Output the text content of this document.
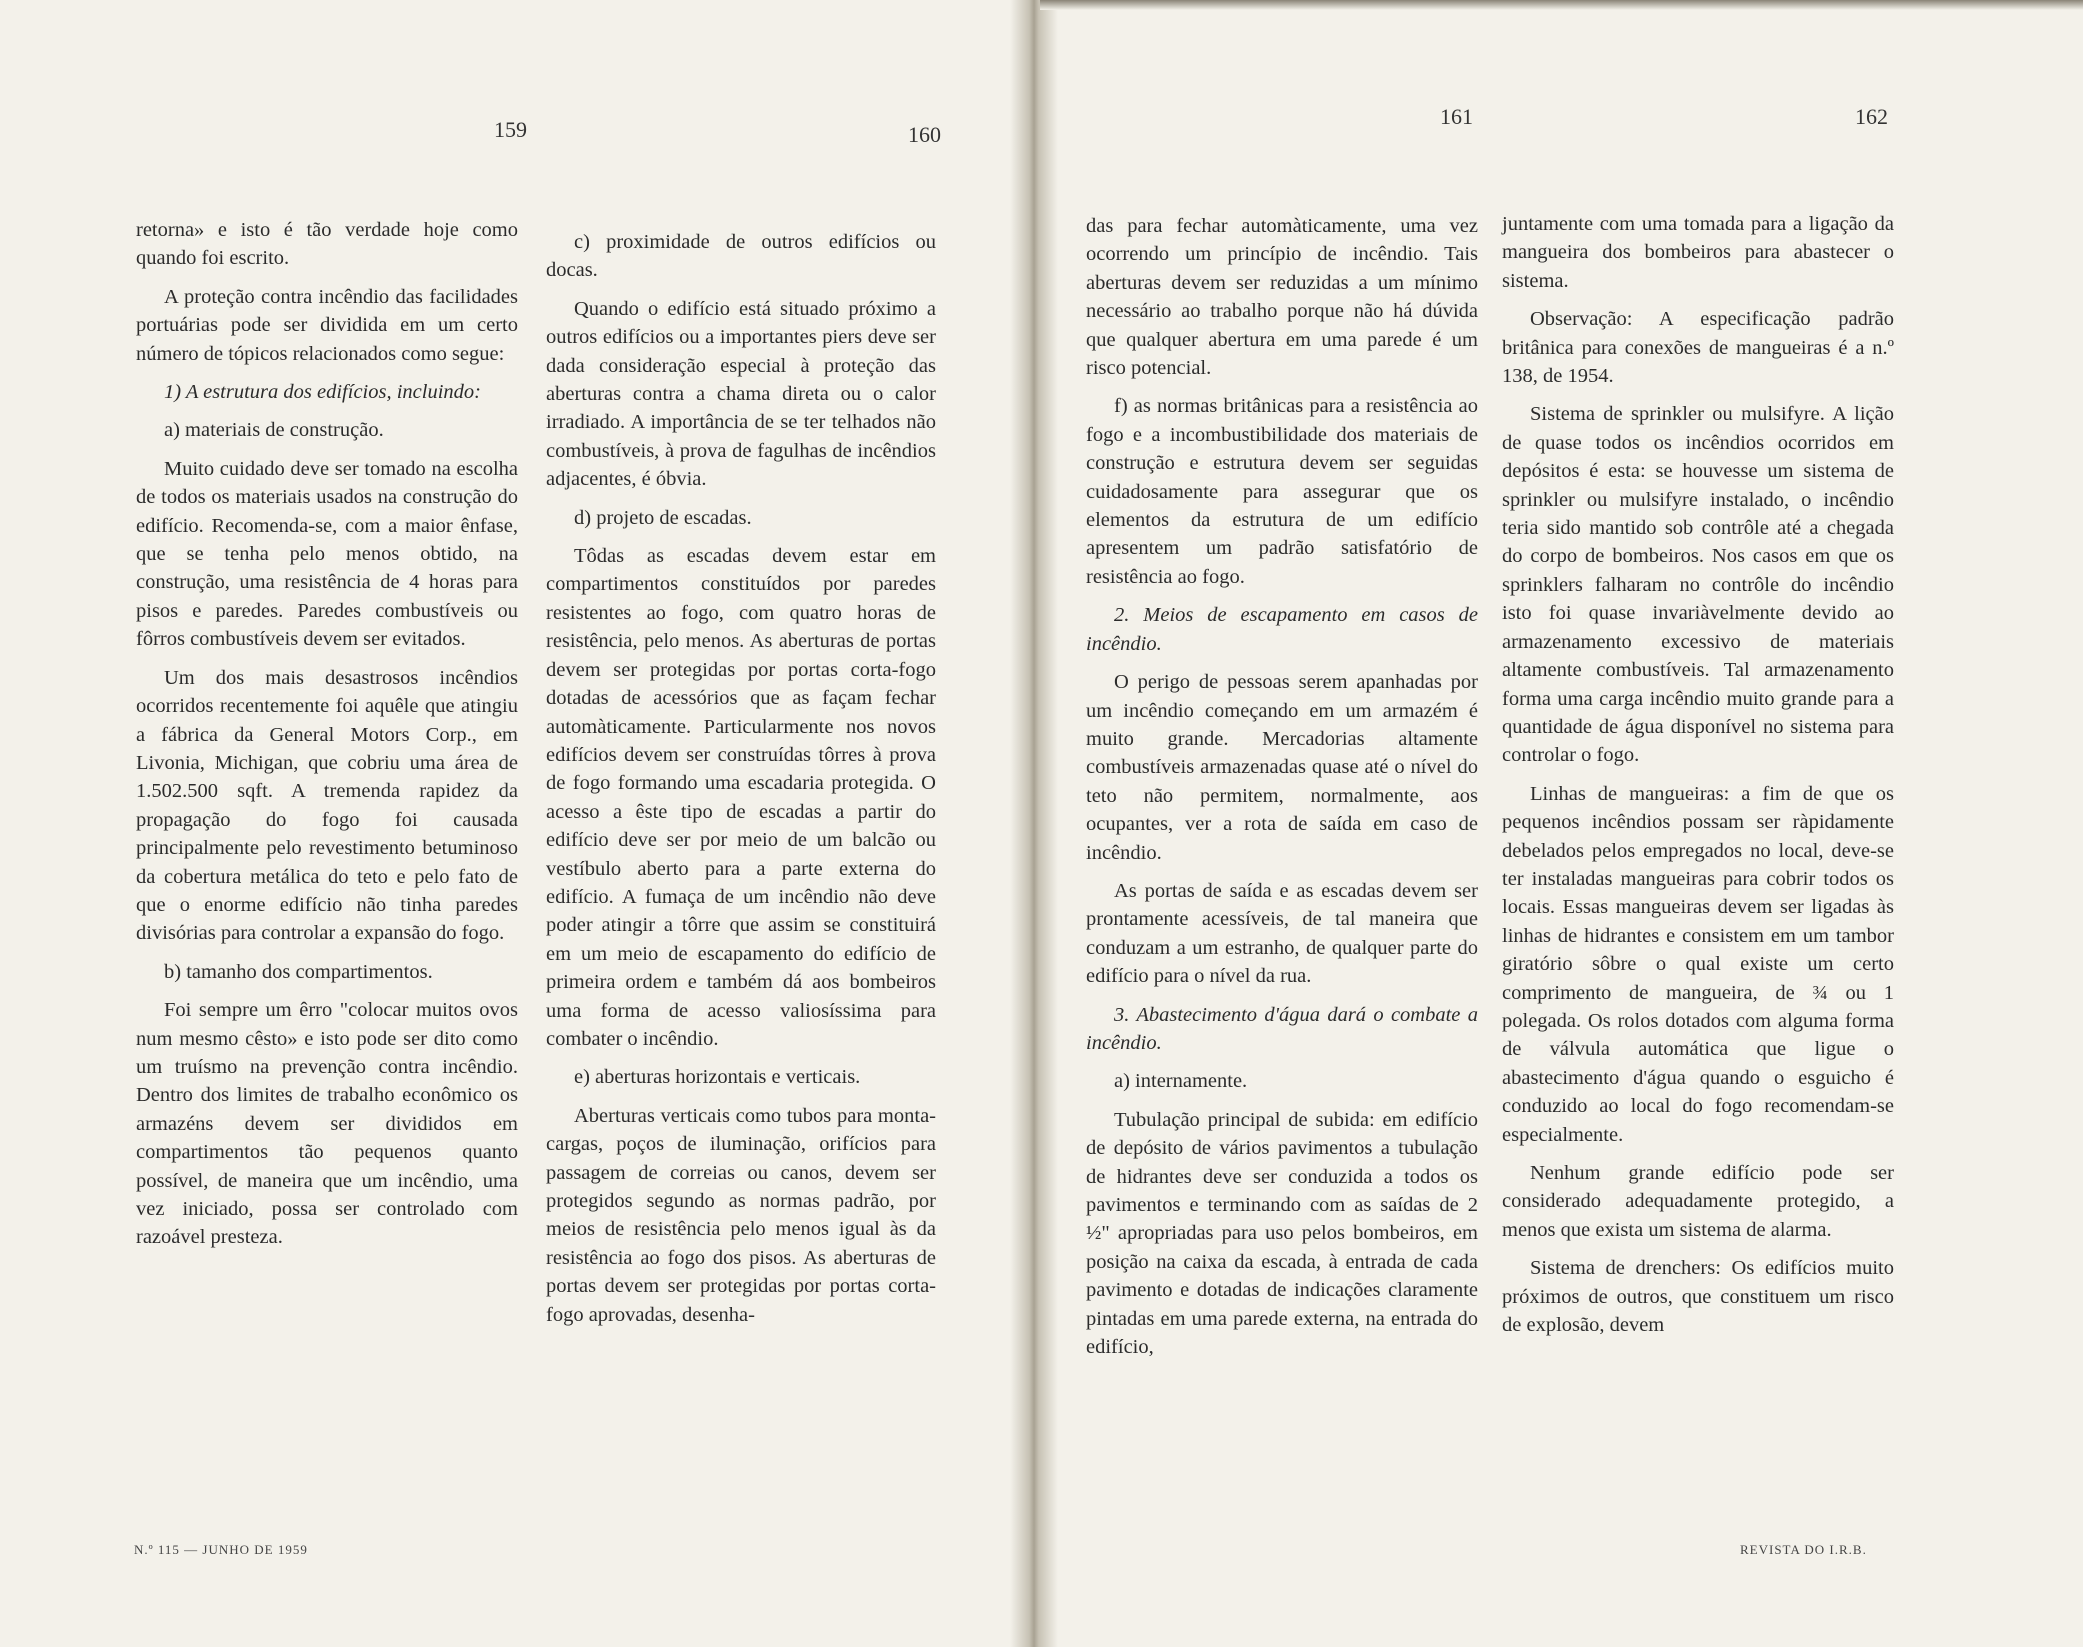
159	160

retorna» e isto é tão verdade hoje como quando foi escrito.

A proteção contra incêndio das facilidades portuárias pode ser dividida em um certo número de tópicos relacionados como segue:

1) A estrutura dos edifícios, incluindo:

a) materiais de construção.

Muito cuidado deve ser tomado na escolha de todos os materiais usados na construção do edifício. Recomenda-se, com a maior ênfase, que se tenha pelo menos obtido, na construção, uma resistência de 4 horas para pisos e paredes. Paredes combustíveis ou fôrros combustíveis devem ser evitados.

Um dos mais desastrosos incêndios ocorridos recentemente foi aquêle que atingiu a fábrica da General Motors Corp., em Livonia, Michigan, que cobriu uma área de 1.502.500 sqft. A tremenda rapidez da propagação do fogo foi causada principalmente pelo revestimento betuminoso da cobertura metálica do teto e pelo fato de que o enorme edifício não tinha paredes divisórias para controlar a expansão do fogo.

b) tamanho dos compartimentos.

Foi sempre um êrro "colocar muitos ovos num mesmo cêsto» e isto pode ser dito como um truísmo na prevenção contra incêndio. Dentro dos limites de trabalho econômico os armazéns devem ser divididos em compartimentos tão pequenos quanto possível, de maneira que um incêndio, uma vez iniciado, possa ser controlado com razoável presteza.

c) proximidade de outros edifícios ou docas.

Quando o edifício está situado próximo a outros edifícios ou a importantes piers deve ser dada consideração especial à proteção das aberturas contra a chama direta ou o calor irradiado. A importância de se ter telhados não combustíveis, à prova de fagulhas de incêndios adjacentes, é óbvia.

d) projeto de escadas.

Tôdas as escadas devem estar em compartimentos constituídos por paredes resistentes ao fogo, com quatro horas de resistência, pelo menos. As aberturas de portas devem ser protegidas por portas corta-fogo dotadas de acessórios que as façam fechar automàticamente. Particularmente nos novos edifícios devem ser construídas tôrres à prova de fogo formando uma escadaria protegida. O acesso a êste tipo de escadas a partir do edifício deve ser por meio de um balcão ou vestíbulo aberto para a parte externa do edifício. A fumaça de um incêndio não deve poder atingir a tôrre que assim se constituirá em um meio de escapamento do edifício de primeira ordem e também dá aos bombeiros uma forma de acesso valiosíssima para combater o incêndio.

e) aberturas horizontais e verticais.

Aberturas verticais como tubos para monta-cargas, poços de iluminação, orifícios para passagem de correias ou canos, devem ser protegidos segundo as normas padrão, por meios de resistência pelo menos igual às da resistência ao fogo dos pisos. As aberturas de portas devem ser protegidas por portas corta-fogo aprovadas, desenha-

N.º 115 — JUNHO DE 1959
161	162

das para fechar automàticamente, uma vez ocorrendo um princípio de incêndio. Tais aberturas devem ser reduzidas a um mínimo necessário ao trabalho porque não há dúvida que qualquer abertura em uma parede é um risco potencial.

f) as normas britânicas para a resistência ao fogo e a incombustibilidade dos materiais de construção e estrutura devem ser seguidas cuidadosamente para assegurar que os elementos da estrutura de um edifício apresentem um padrão satisfatório de resistência ao fogo.

2. Meios de escapamento em casos de incêndio.

O perigo de pessoas serem apanhadas por um incêndio começando em um armazém é muito grande. Mercadorias altamente combustíveis armazenadas quase até o nível do teto não permitem, normalmente, aos ocupantes, ver a rota de saída em caso de incêndio.

As portas de saída e as escadas devem ser prontamente acessíveis, de tal maneira que conduzam a um estranho, de qualquer parte do edifício para o nível da rua.

3. Abastecimento d'água dará o combate a incêndio.

a) internamente.

Tubulação principal de subida: em edifício de depósito de vários pavimentos a tubulação de hidrantes deve ser conduzida a todos os pavimentos e terminando com as saídas de 2 ½" apropriadas para uso pelos bombeiros, em posição na caixa da escada, à entrada de cada pavimento e dotadas de indicações claramente pintadas em uma parede externa, na entrada do edifício,

juntamente com uma tomada para a ligação da mangueira dos bombeiros para abastecer o sistema.

Observação: A especificação padrão britânica para conexões de mangueiras é a n.º 138, de 1954.

Sistema de sprinkler ou mulsifyre. A lição de quase todos os incêndios ocorridos em depósitos é esta: se houvesse um sistema de sprinkler ou mulsifyre instalado, o incêndio teria sido mantido sob contrôle até a chegada do corpo de bombeiros. Nos casos em que os sprinklers falharam no contrôle do incêndio isto foi quase invariàvelmente devido ao armazenamento excessivo de materiais altamente combustíveis. Tal armazenamento forma uma carga incêndio muito grande para a quantidade de água disponível no sistema para controlar o fogo.

Linhas de mangueiras: a fim de que os pequenos incêndios possam ser ràpidamente debelados pelos empregados no local, deve-se ter instaladas mangueiras para cobrir todos os locais. Essas mangueiras devem ser ligadas às linhas de hidrantes e consistem em um tambor giratório sôbre o qual existe um certo comprimento de mangueira, de ¾ ou 1 polegada. Os rolos dotados com alguma forma de válvula automática que ligue o abastecimento d'água quando o esguicho é conduzido ao local do fogo recomendam-se especialmente.

Nenhum grande edifício pode ser considerado adequadamente protegido, a menos que exista um sistema de alarma.

Sistema de drenchers: Os edifícios muito próximos de outros, que constituem um risco de explosão, devem

REVISTA DO I.R.B.
